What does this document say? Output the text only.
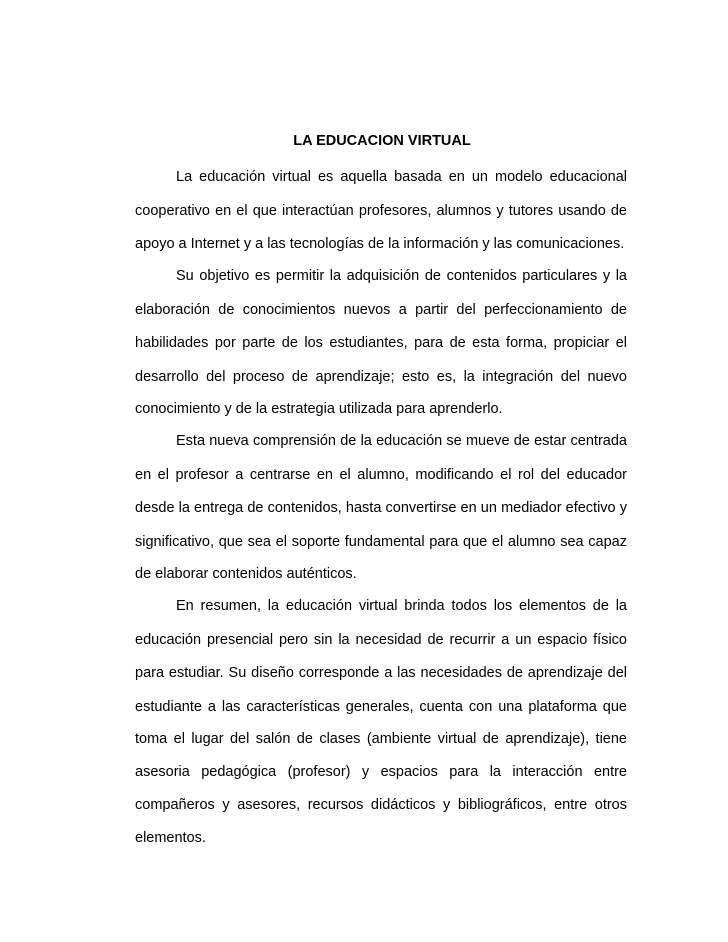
LA EDUCACION VIRTUAL
La educación virtual es aquella basada en un modelo educacional
cooperativo en el que interactúan profesores, alumnos y tutores usando de
apoyo a Internet y a las tecnologías de la información y las comunicaciones.
Su objetivo es permitir la adquisición de contenidos particulares y la
elaboración de conocimientos nuevos a partir del perfeccionamiento de
habilidades por parte de los estudiantes, para de esta forma, propiciar el
desarrollo del proceso de aprendizaje; esto es, la integración del nuevo
conocimiento y de la estrategia utilizada para aprenderlo.
Esta nueva comprensión de la educación se mueve de estar centrada
en el profesor a centrarse en el alumno, modificando el rol del educador
desde la entrega de contenidos, hasta convertirse en un mediador efectivo y
significativo, que sea el soporte fundamental para que el alumno sea capaz
de elaborar contenidos auténticos.
En resumen, la educación virtual brinda todos los elementos de la
educación presencial pero sin la necesidad de recurrir a un espacio físico
para estudiar. Su diseño corresponde a las necesidades de aprendizaje del
estudiante a las características generales, cuenta con una plataforma que
toma el lugar del salón de clases (ambiente virtual de aprendizaje), tiene
asesoria pedagógica (profesor) y espacios para la interacción entre
compañeros y asesores, recursos didácticos y bibliográficos, entre otros
elementos.
